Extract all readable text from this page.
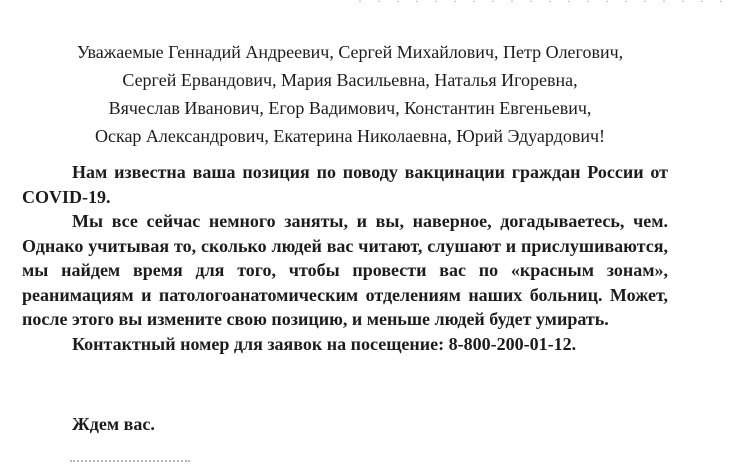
· · · · · · · · · · · · · · · · · · · ·
Уважаемые Геннадий Андреевич, Сергей Михайлович, Петр Олегович,
Сергей Ервандович, Мария Васильевна, Наталья Игоревна,
Вячеслав Иванович, Егор Вадимович, Константин Евгеньевич,
Оскар Александрович, Екатерина Николаевна, Юрий Эдуардович!

Нам известна ваша позиция по поводу вакцинации граждан России от COVID-19.

Мы все сейчас немного заняты, и вы, наверное, догадываетесь, чем. Однако учитывая то, сколько людей вас читают, слушают и прислушиваются, мы найдем время для того, чтобы провести вас по «красным зонам», реанимациям и патологоанатомическим отделениям наших больниц. Может, после этого вы измените свою позицию, и меньше людей будет умирать.

Контактный номер для заявок на посещение: 8-800-200-01-12.

Ждем вас.
